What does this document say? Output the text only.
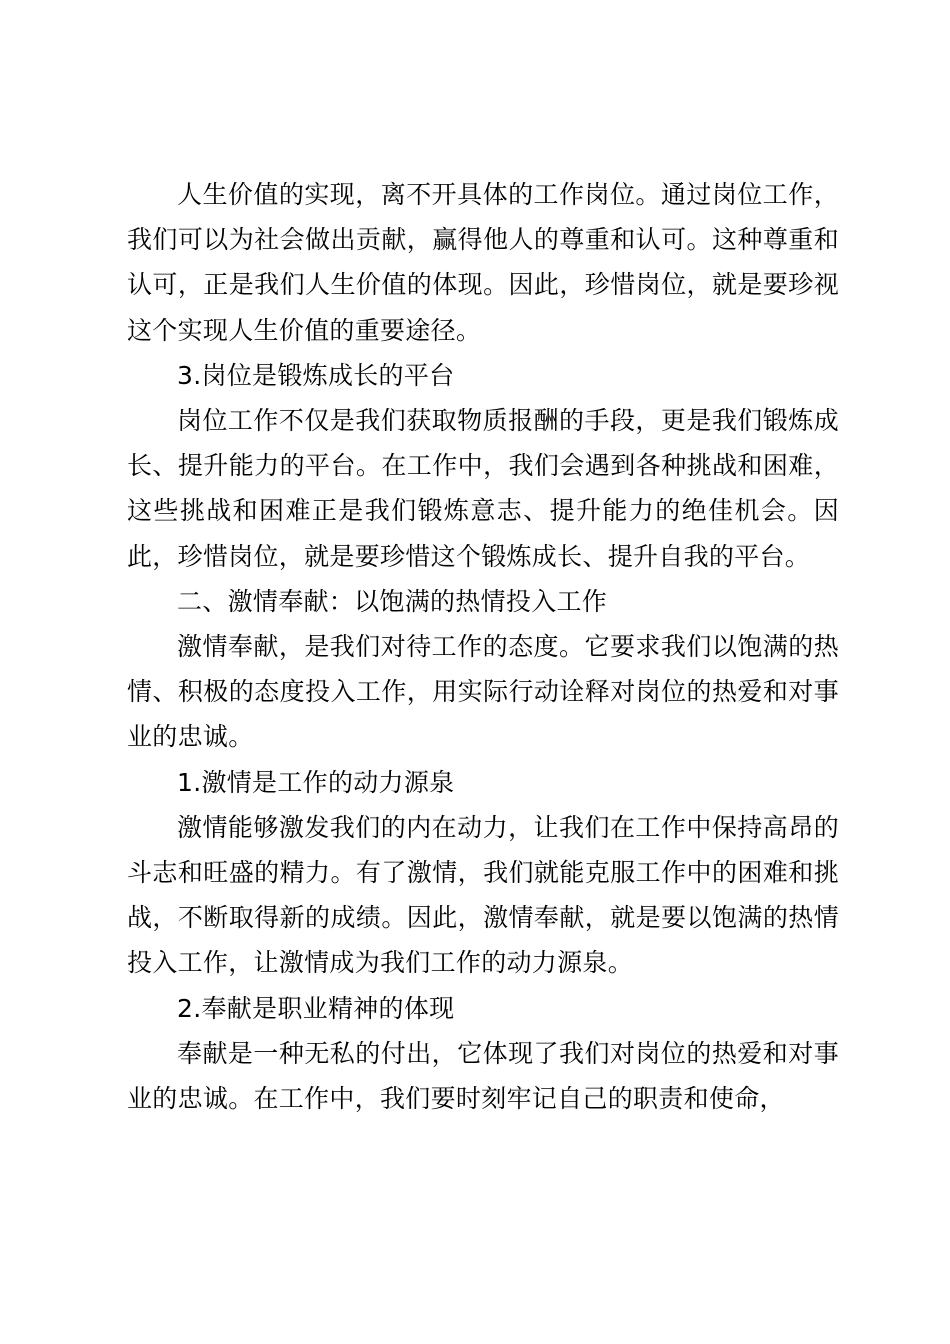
人生价值的实现，离不开具体的工作岗位。通过岗位工作，我们可以为社会做出贡献，赢得他人的尊重和认可。这种尊重和认可，正是我们人生价值的体现。因此，珍惜岗位，就是要珍视这个实现人生价值的重要途径。

3.岗位是锻炼成长的平台

岗位工作不仅是我们获取物质报酬的手段，更是我们锻炼成长、提升能力的平台。在工作中，我们会遇到各种挑战和困难，这些挑战和困难正是我们锻炼意志、提升能力的绝佳机会。因此，珍惜岗位，就是要珍惜这个锻炼成长、提升自我的平台。

二、激情奉献：以饱满的热情投入工作

激情奉献，是我们对待工作的态度。它要求我们以饱满的热情、积极的态度投入工作，用实际行动诠释对岗位的热爱和对事业的忠诚。

1.激情是工作的动力源泉

激情能够激发我们的内在动力，让我们在工作中保持高昂的斗志和旺盛的精力。有了激情，我们就能克服工作中的困难和挑战，不断取得新的成绩。因此，激情奉献，就是要以饱满的热情投入工作，让激情成为我们工作的动力源泉。

2.奉献是职业精神的体现

奉献是一种无私的付出，它体现了我们对岗位的热爱和对事业的忠诚。在工作中，我们要时刻牢记自己的职责和使命，
